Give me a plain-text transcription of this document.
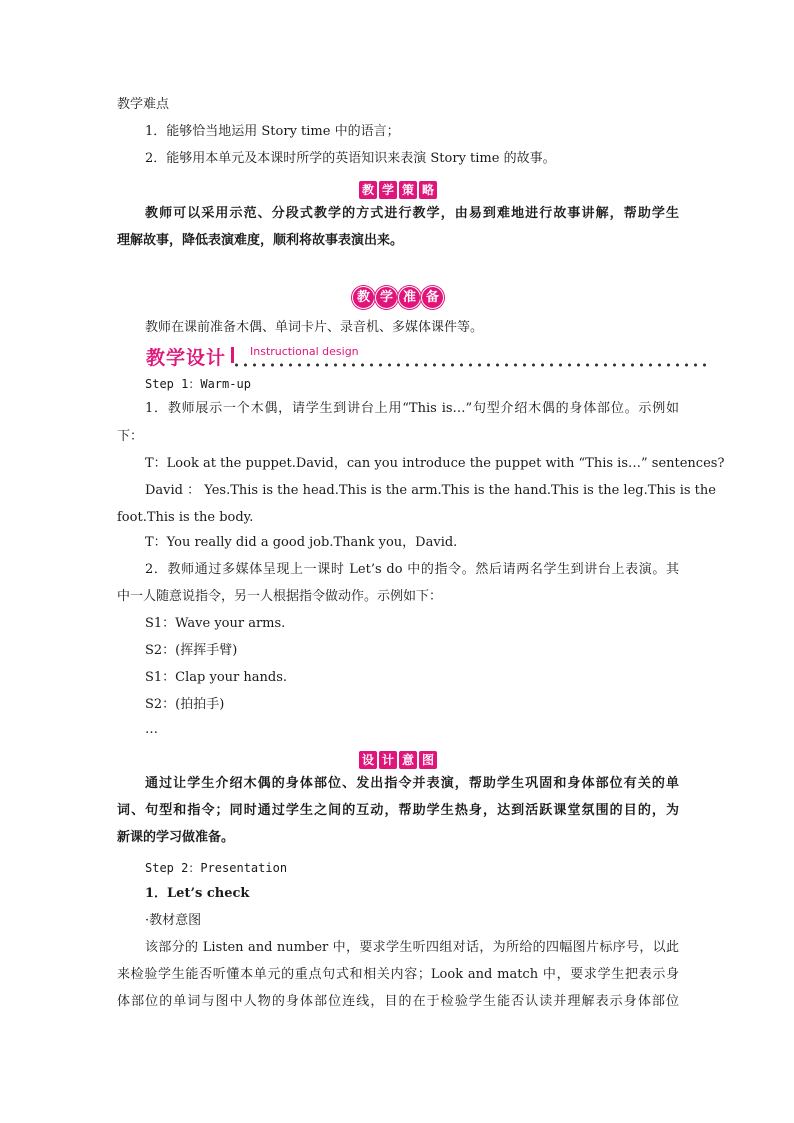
教学难点
1．能够恰当地运用 Story time 中的语言；
2．能够用本单元及本课时所学的英语知识来表演 Story time 的故事。
教 学 策 略
教师可以采用示范、分段式教学的方式进行教学，由易到难地进行故事讲解，帮助学生
理解故事，降低表演难度，顺利将故事表演出来。
教 学 准 备
教师在课前准备木偶、单词卡片、录音机、多媒体课件等。
教学设计 Instructional design
Step 1：Warm-up
1．教师展示一个木偶，请学生到讲台上用“This is…”句型介绍木偶的身体部位。示例如
下：
T：Look at the puppet.David，can you introduce the puppet with “This is…” sentences?
David ： Yes.This is the head.This is the arm.This is the hand.This is the leg.This is the
foot.This is the body.
T：You really did a good job.Thank you，David.
2．教师通过多媒体呈现上一课时 Let’s do 中的指令。然后请两名学生到讲台上表演。其
中一人随意说指令，另一人根据指令做动作。示例如下：
S1：Wave your arms.
S2：(挥挥手臂)
S1：Clap your hands.
S2：(拍拍手)
…
设 计 意 图
通过让学生介绍木偶的身体部位、发出指令并表演，帮助学生巩固和身体部位有关的单
词、句型和指令；同时通过学生之间的互动，帮助学生热身，达到活跃课堂氛围的目的，为
新课的学习做准备。
Step 2：Presentation
1．Let’s check
·教材意图
该部分的 Listen and number 中，要求学生听四组对话，为所给的四幅图片标序号，以此
来检验学生能否听懂本单元的重点句式和相关内容；Look and match 中，要求学生把表示身
体部位的单词与图中人物的身体部位连线，目的在于检验学生能否认读并理解表示身体部位
